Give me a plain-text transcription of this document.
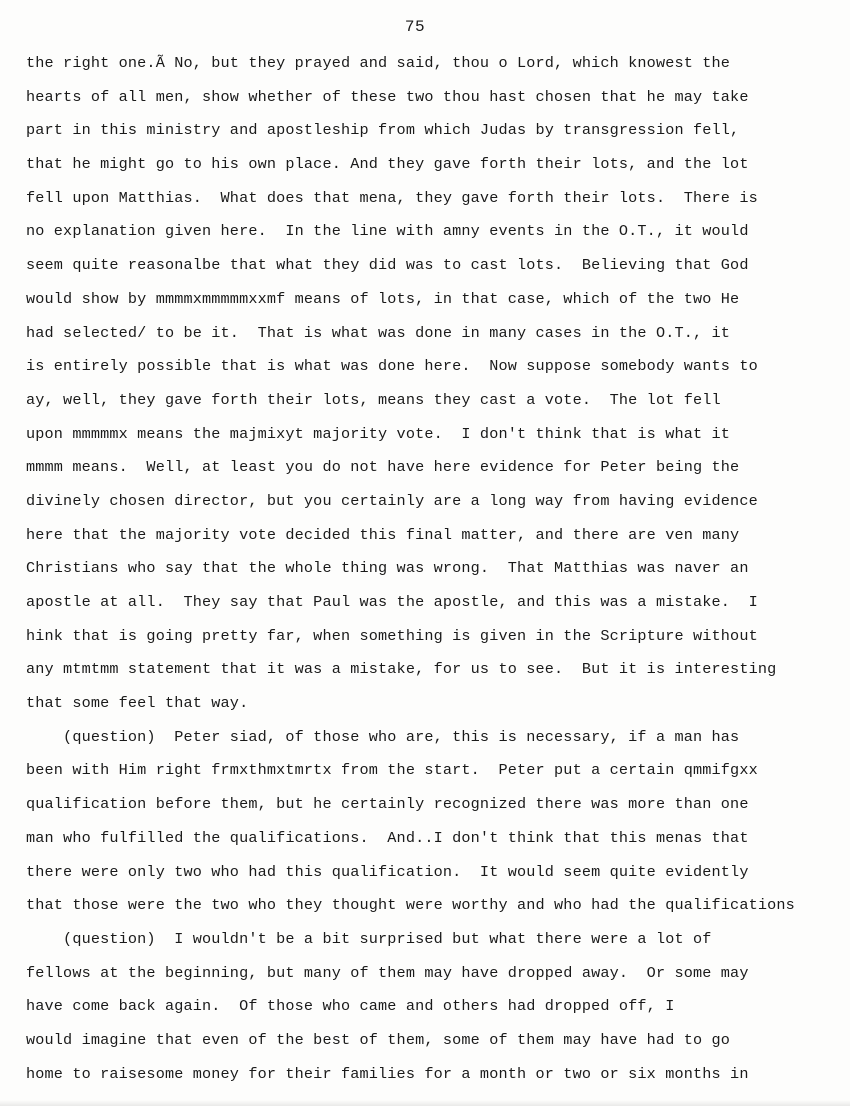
75
the right one.Ã No, but they prayed and said, thou o Lord, which knowest the
hearts of all men, show whether of these two thou hast chosen that he may take
part in this ministry and apostleship from which Judas by transgression fell,
that he might go to his own place. And they gave forth their lots, and the lot
fell upon Matthias.  What does that mena, they gave forth their lots.  There is
no explanation given here.  In the line with amny events in the O.T., it would
seem quite reasonalbe that what they did was to cast lots.  Believing that God
would show by mmmmxmmmmmxxmf means of lots, in that case, which of the two He
had selected/ to be it.  That is what was done in many cases in the O.T., it
is entirely possible that is what was done here.  Now suppose somebody wants to
ay, well, they gave forth their lots, means they cast a vote.  The lot fell
upon mmmmmx means the majmixyt majority vote.  I don't think that is what it
mmmm means.  Well, at least you do not have here evidence for Peter being the
divinely chosen director, but you certainly are a long way from having evidence
here that the majority vote decided this final matter, and there are ven many
Christians who say that the whole thing was wrong.  That Matthias was naver an
apostle at all.  They say that Paul was the apostle, and this was a mistake.  I
hink that is going pretty far, when something is given in the Scripture without
any mtmtmm statement that it was a mistake, for us to see.  But it is interesting
that some feel that way.
(question)  Peter siad, of those who are, this is necessary, if a man has
been with Him right frmxthmxtmrtx from the start.  Peter put a certain qmmifgxx
qualification before them, but he certainly recognized there was more than one
man who fulfilled the qualifications.  And..I don't think that this menas that
there were only two who had this qualification.  It would seem quite evidently
that those were the two who they thought were worthy and who had the qualifications
(question)  I wouldn't be a bit surprised but what there were a lot of
fellows at the beginning, but many of them may have dropped away.  Or some may
have come back again.  Of those who came and others had dropped off, I
would imagine that even of the best of them, some of them may have had to go
home to raisesome money for their families for a month or two or six months in
